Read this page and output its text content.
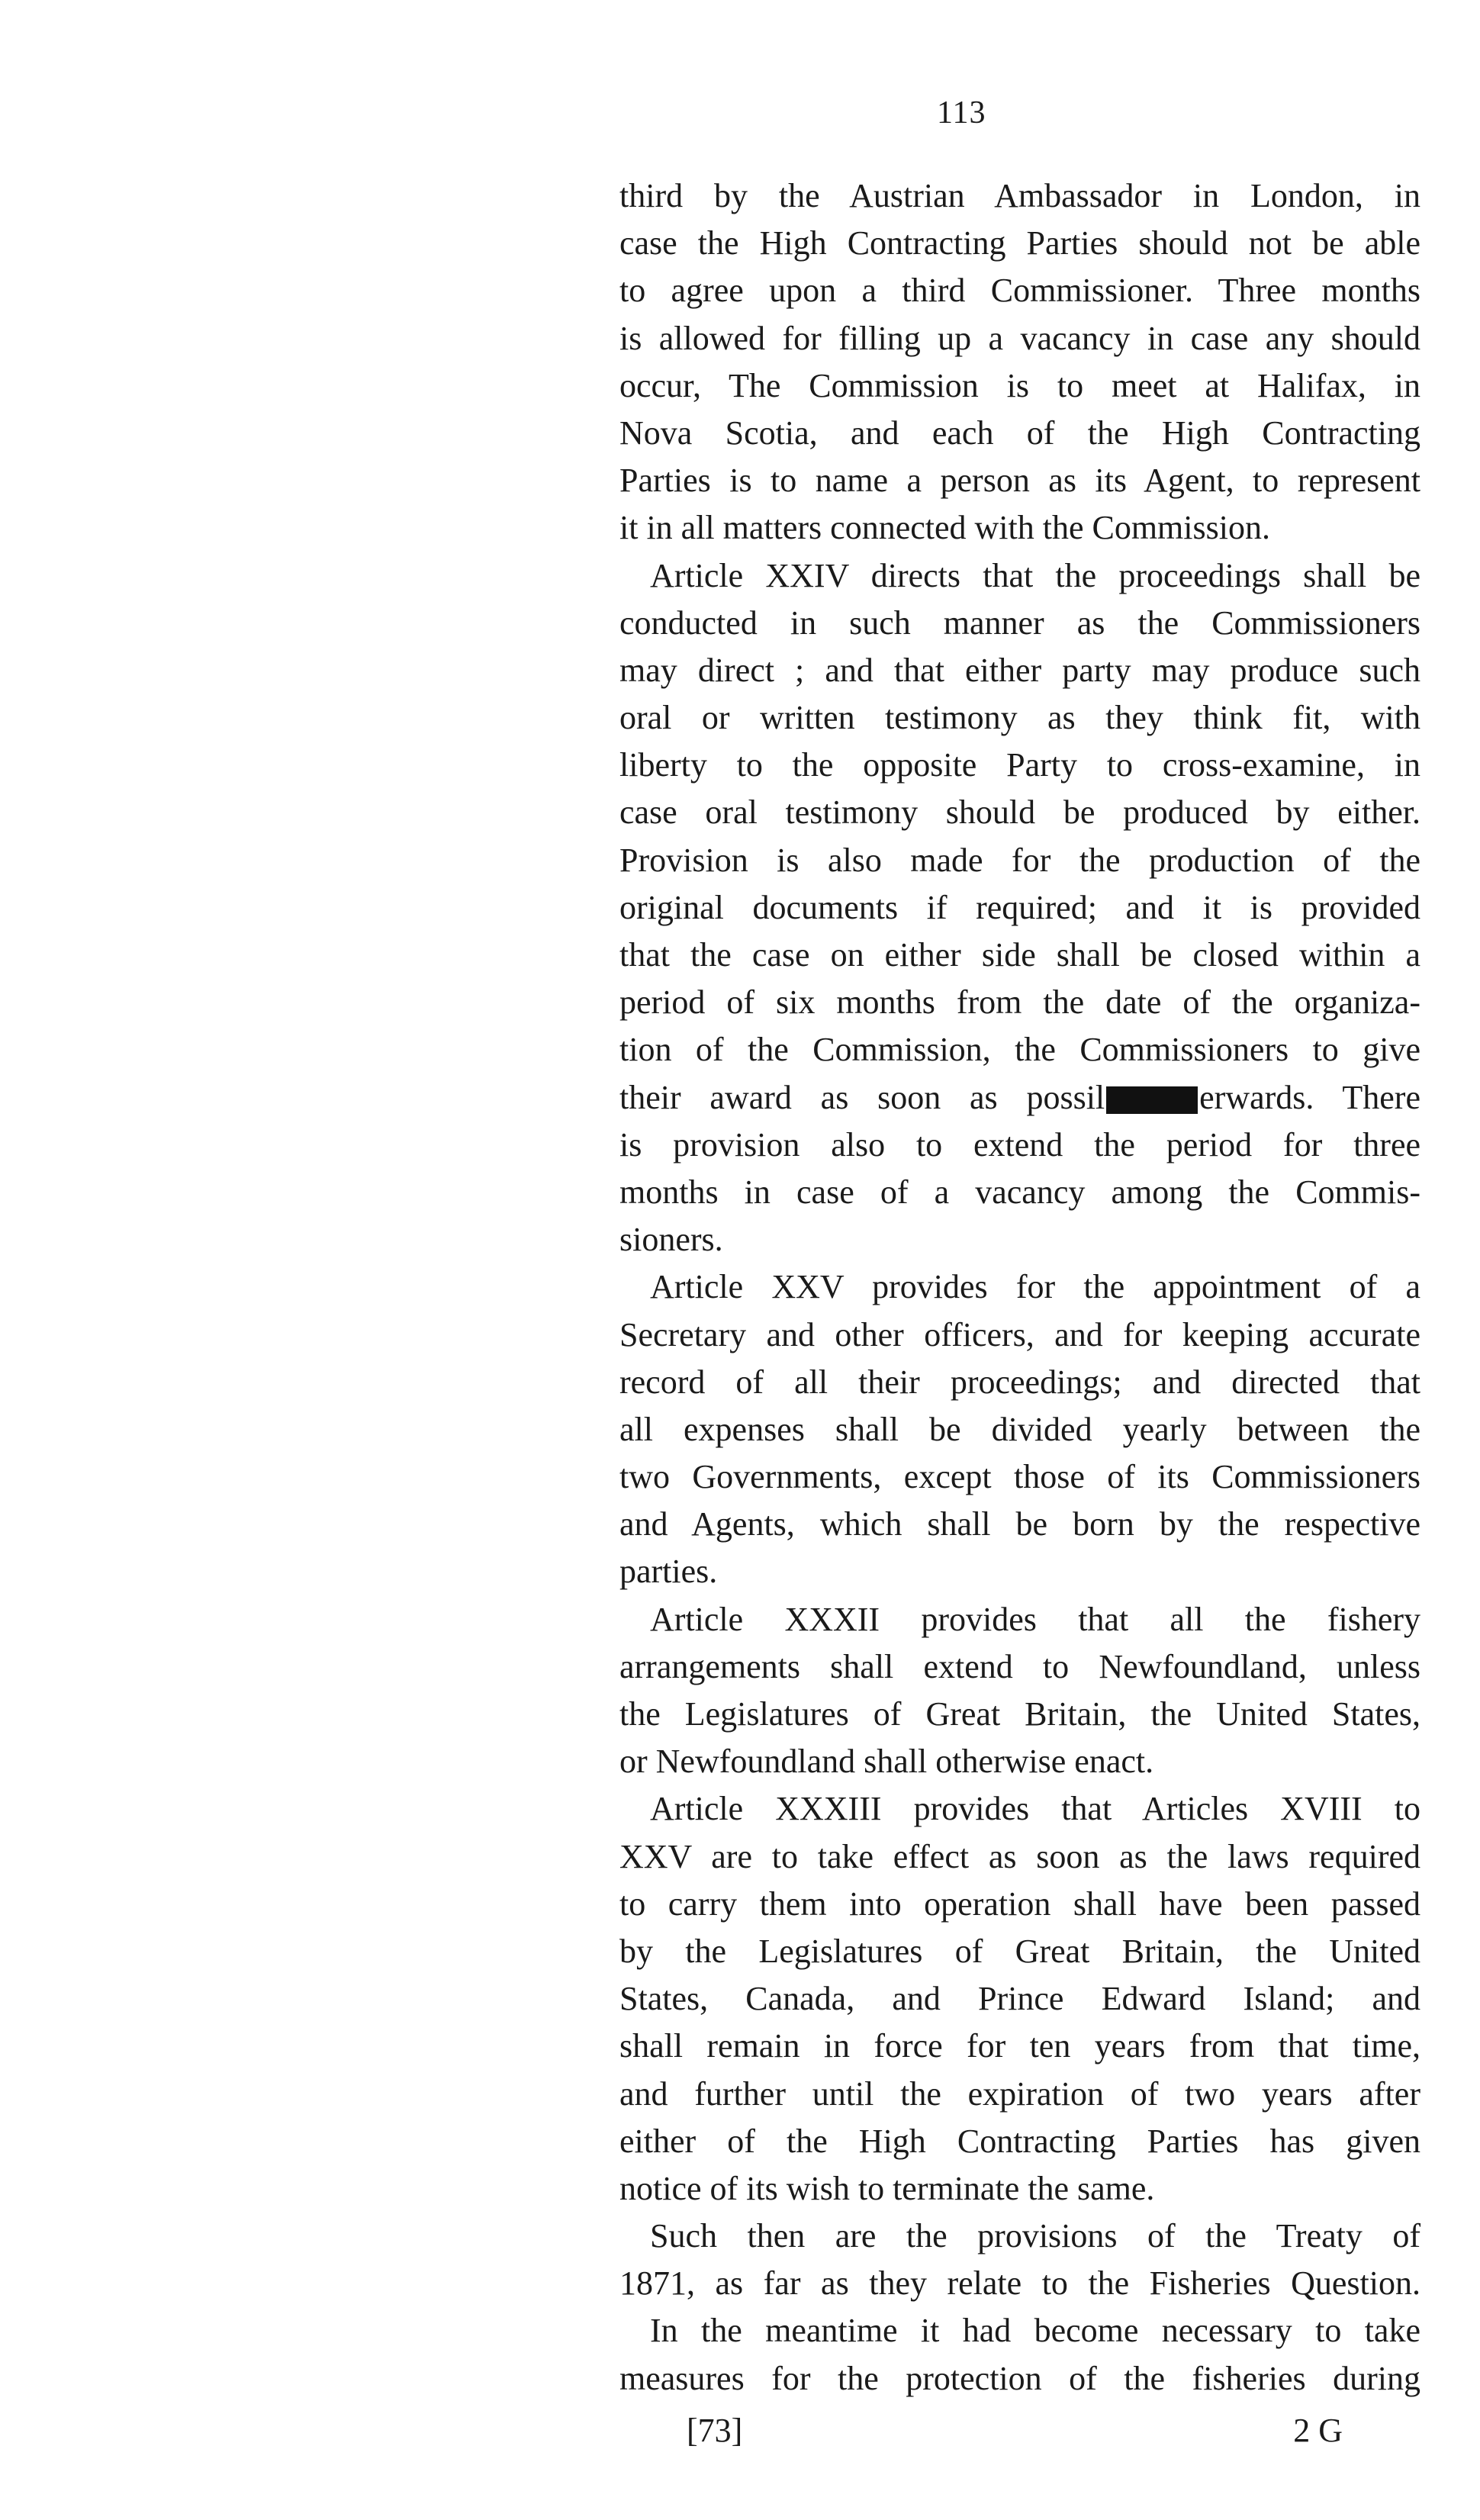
113
third by the Austrian Ambassador in London, in
case the High Contracting Parties should not be able
to agree upon a third Commissioner. Three months
is allowed for filling up a vacancy in case any should
occur, The Commission is to meet at Halifax, in
Nova Scotia, and each of the High Contracting
Parties is to name a person as its Agent, to represent
it in all matters connected with the Commission.
Article XXIV directs that the proceedings shall be
conducted in such manner as the Commissioners
may direct ; and that either party may produce such
oral or written testimony as they think fit, with
liberty to the opposite Party to cross-examine, in
case oral testimony should be produced by either.
Provision is also made for the production of the
original documents if required; and it is provided
that the case on either side shall be closed within a
period of six months from the date of the organiza-
tion of the Commission, the Commissioners to give
their award as soon as possil	erwards. There
is provision also to extend the period for three
months in case of a vacancy among the Commis-
sioners.
Article XXV provides for the appointment of a
Secretary and other officers, and for keeping accurate
record of all their proceedings; and directed that
all expenses shall be divided yearly between the
two Governments, except those of its Commissioners
and Agents, which shall be born by the respective
parties.
Article XXXII provides that all the fishery
arrangements shall extend to Newfoundland, unless
the Legislatures of Great Britain, the United States,
or Newfoundland shall otherwise enact.
Article XXXIII provides that Articles XVIII to
XXV are to take effect as soon as the laws required
to carry them into operation shall have been passed
by the Legislatures of Great Britain, the United
States, Canada, and Prince Edward Island; and
shall remain in force for ten years from that time,
and further until the expiration of two years after
either of the High Contracting Parties has given
notice of its wish to terminate the same.
Such then are the provisions of the Treaty of
1871, as far as they relate to the Fisheries Question.
In the meantime it had become necessary to take
measures for the protection of the fisheries during
[73]	2 G
